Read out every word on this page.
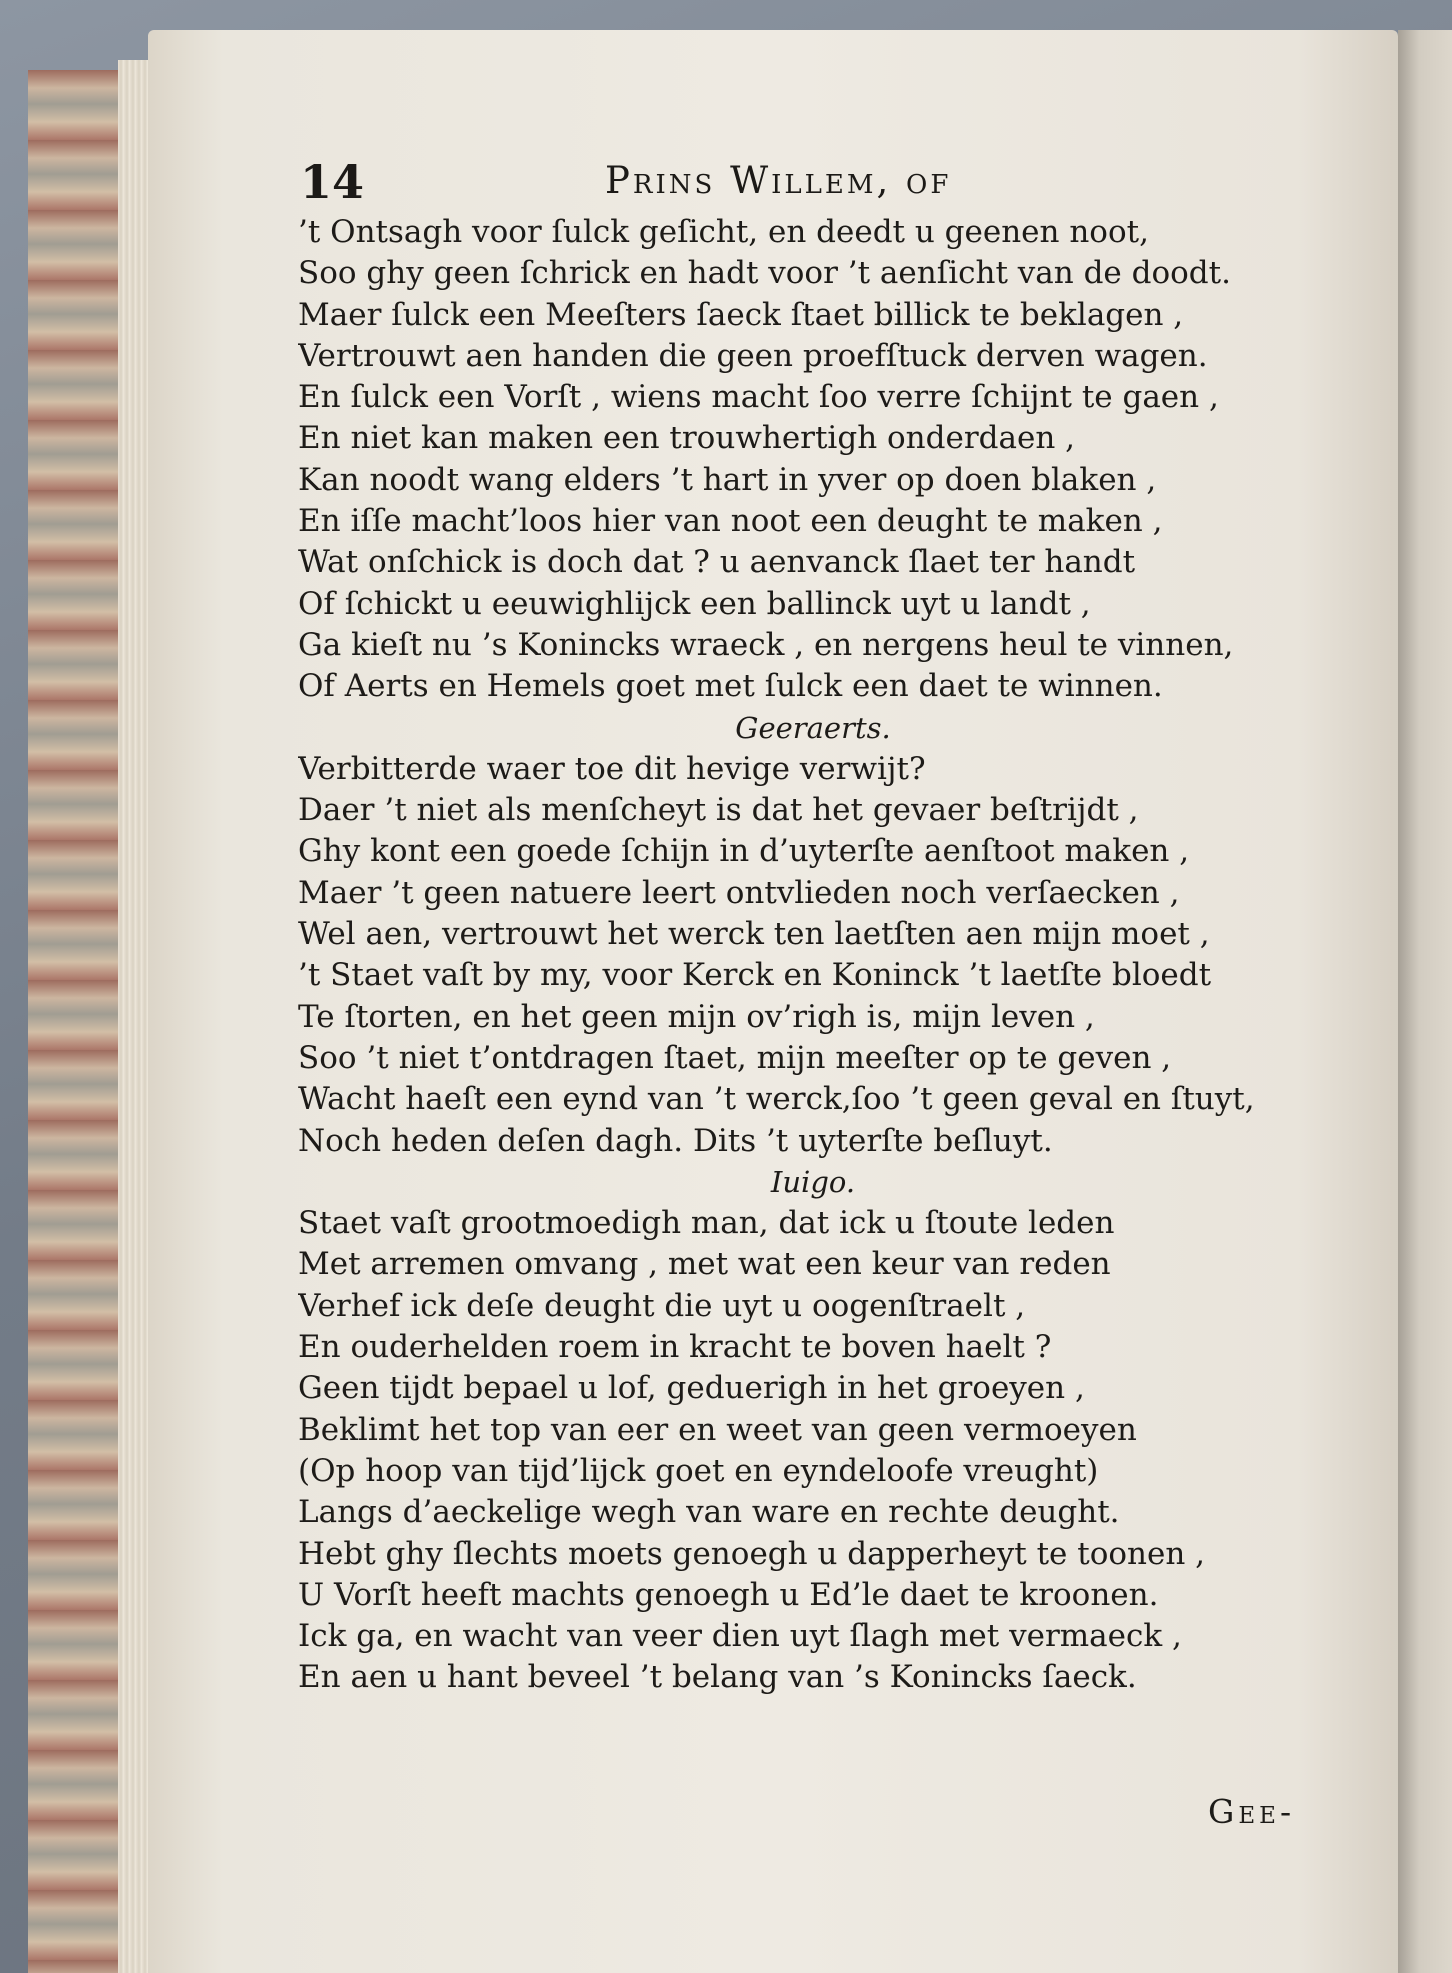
14	Prins Willem, of
’t Ontsagh voor ſulck geſicht, en deedt u geenen noot,
Soo ghy geen ſchrick en hadt voor ’t aenſicht van de doodt.
Maer ſulck een Meeſters ſaeck ſtaet billick te beklagen ,
Vertrouwt aen handen die geen proefſtuck derven wagen.
En ſulck een Vorſt , wiens macht ſoo verre ſchijnt te gaen ,
En niet kan maken een trouwhertigh onderdaen ,
Kan noodt wang elders ’t hart in yver op doen blaken ,
En iſſe macht’loos hier van noot een deught te maken ,
Wat onſchick is doch dat ? u aenvanck ſlaet ter handt
Of ſchickt u eeuwighlijck een ballinck uyt u landt ,
Ga kieſt nu ’s Konincks wraeck , en nergens heul te vinnen,
Of Aerts en Hemels goet met ſulck een daet te winnen.
Geeraerts.
Verbitterde waer toe dit hevige verwijt?
Daer ’t niet als menſcheyt is dat het gevaer beſtrijdt ,
Ghy kont een goede ſchijn in d’uyterſte aenſtoot maken ,
Maer ’t geen natuere leert ontvlieden noch verſaecken ,
Wel aen, vertrouwt het werck ten laetſten aen mijn moet ,
’t Staet vaſt by my, voor Kerck en Koninck ’t laetſte bloedt
Te ſtorten, en het geen mijn ov’righ is, mijn leven ,
Soo ’t niet t’ontdragen ſtaet, mijn meeſter op te geven ,
Wacht haeſt een eynd van ’t werck,ſoo ’t geen geval en ſtuyt,
Noch heden deſen dagh. Dits ’t uyterſte beſluyt.
Iuigo.
Staet vaſt grootmoedigh man, dat ick u ſtoute leden
Met arremen omvang , met wat een keur van reden
Verhef ick deſe deught die uyt u oogenſtraelt ,
En ouderhelden roem in kracht te boven haelt ?
Geen tijdt bepael u lof, geduerigh in het groeyen ,
Beklimt het top van eer en weet van geen vermoeyen
(Op hoop van tijd’lijck goet en eyndeloofe vreught)
Langs d’aeckelige wegh van ware en rechte deught.
Hebt ghy ſlechts moets genoegh u dapperheyt te toonen ,
U Vorſt heeft machts genoegh u Ed’le daet te kroonen.
Ick ga, en wacht van veer dien uyt ſlagh met vermaeck ,
En aen u hant beveel ’t belang van ’s Konincks ſaeck.
Gee-
